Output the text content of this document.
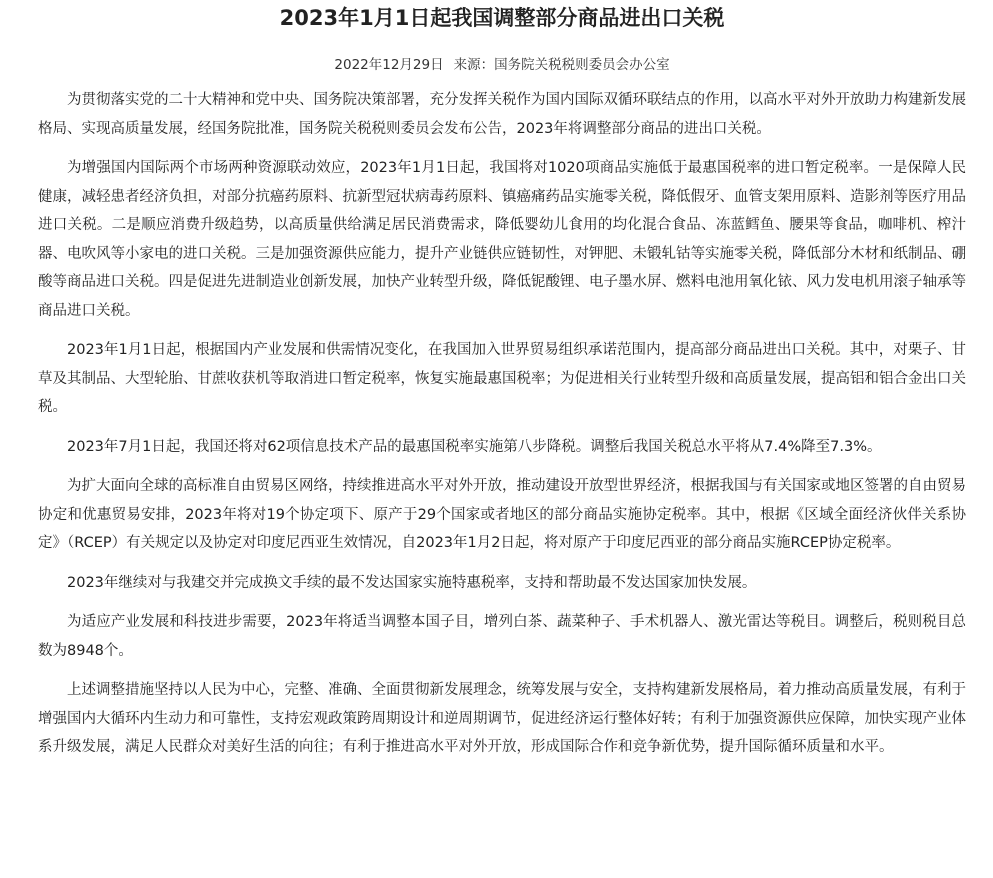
2023年1月1日起我国调整部分商品进出口关税
2022年12月29日 来源：国务院关税税则委员会办公室

为贯彻落实党的二十大精神和党中央、国务院决策部署，充分发挥关税作为国内国际双循环联结点的作用，以高水平对外开放助力构建新发展格局、实现高质量发展，经国务院批准，国务院关税税则委员会发布公告，2023年将调整部分商品的进出口关税。

为增强国内国际两个市场两种资源联动效应，2023年1月1日起，我国将对1020项商品实施低于最惠国税率的进口暂定税率。一是保障人民健康，减轻患者经济负担，对部分抗癌药原料、抗新型冠状病毒药原料、镇癌痛药品实施零关税，降低假牙、血管支架用原料、造影剂等医疗用品进口关税。二是顺应消费升级趋势，以高质量供给满足居民消费需求，降低婴幼儿食用的均化混合食品、冻蓝鳕鱼、腰果等食品，咖啡机、榨汁器、电吹风等小家电的进口关税。三是加强资源供应能力，提升产业链供应链韧性，对钾肥、未锻轧钴等实施零关税，降低部分木材和纸制品、硼酸等商品进口关税。四是促进先进制造业创新发展，加快产业转型升级，降低铌酸锂、电子墨水屏、燃料电池用氧化铱、风力发电机用滚子轴承等商品进口关税。

2023年1月1日起，根据国内产业发展和供需情况变化，在我国加入世界贸易组织承诺范围内，提高部分商品进出口关税。其中，对栗子、甘草及其制品、大型轮胎、甘蔗收获机等取消进口暂定税率，恢复实施最惠国税率；为促进相关行业转型升级和高质量发展，提高铝和铝合金出口关税。

2023年7月1日起，我国还将对62项信息技术产品的最惠国税率实施第八步降税。调整后我国关税总水平将从7.4%降至7.3%。

为扩大面向全球的高标准自由贸易区网络，持续推进高水平对外开放，推动建设开放型世界经济，根据我国与有关国家或地区签署的自由贸易协定和优惠贸易安排，2023年将对19个协定项下、原产于29个国家或者地区的部分商品实施协定税率。其中，根据《区域全面经济伙伴关系协定》（RCEP）有关规定以及协定对印度尼西亚生效情况，自2023年1月2日起，将对原产于印度尼西亚的部分商品实施RCEP协定税率。

2023年继续对与我建交并完成换文手续的最不发达国家实施特惠税率，支持和帮助最不发达国家加快发展。

为适应产业发展和科技进步需要，2023年将适当调整本国子目，增列白茶、蔬菜种子、手术机器人、激光雷达等税目。调整后，税则税目总数为8948个。

上述调整措施坚持以人民为中心，完整、准确、全面贯彻新发展理念，统筹发展与安全，支持构建新发展格局，着力推动高质量发展，有利于增强国内大循环内生动力和可靠性，支持宏观政策跨周期设计和逆周期调节，促进经济运行整体好转；有利于加强资源供应保障，加快实现产业体系升级发展，满足人民群众对美好生活的向往；有利于推进高水平对外开放，形成国际合作和竞争新优势，提升国际循环质量和水平。
